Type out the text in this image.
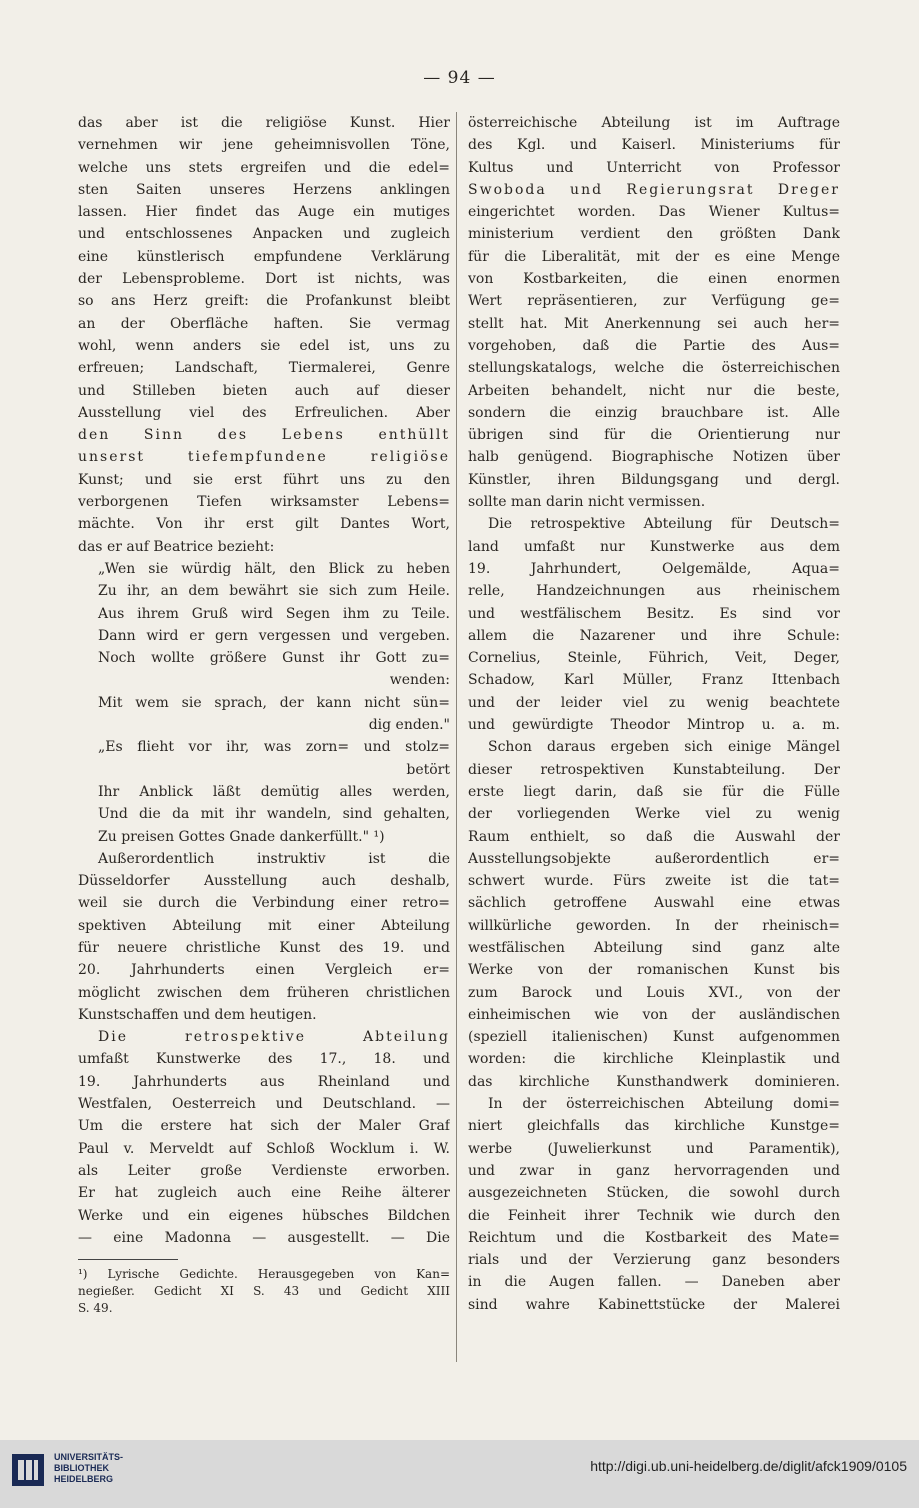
— 94 —
das aber ist die religiöse Kunst. Hier
vernehmen wir jene geheimnisvollen Töne,
welche uns stets ergreifen und die edel=
sten Saiten unseres Herzens anklingen
lassen. Hier findet das Auge ein mutiges
und entschlossenes Anpacken und zugleich
eine künstlerisch empfundene Verklärung
der Lebensprobleme. Dort ist nichts, was
so ans Herz greift: die Profankunst bleibt
an der Oberfläche haften. Sie vermag
wohl, wenn anders sie edel ist, uns zu
erfreuen; Landschaft, Tiermalerei, Genre
und Stilleben bieten auch auf dieser
Ausstellung viel des Erfreulichen. Aber
den Sinn des Lebens enthüllt
unserst tiefempfundene religiöse
Kunst; und sie erst führt uns zu den
verborgenen Tiefen wirksamster Lebens=
mächte. Von ihr erst gilt Dantes Wort,
das er auf Beatrice bezieht:
„Wen sie würdig hält, den Blick zu heben
Zu ihr, an dem bewährt sie sich zum Heile.
Aus ihrem Gruß wird Segen ihm zu Teile.
Dann wird er gern vergessen und vergeben.
Noch wollte größere Gunst ihr Gott zu=
wenden:
Mit wem sie sprach, der kann nicht sün=
dig enden."
„Es flieht vor ihr, was zorn= und stolz=
betört
Ihr Anblick läßt demütig alles werden,
Und die da mit ihr wandeln, sind gehalten,
Zu preisen Gottes Gnade dankerfüllt." ¹)
Außerordentlich instruktiv ist die
Düsseldorfer Ausstellung auch deshalb,
weil sie durch die Verbindung einer retro=
spektiven Abteilung mit einer Abteilung
für neuere christliche Kunst des 19. und
20. Jahrhunderts einen Vergleich er=
möglicht zwischen dem früheren christlichen
Kunstschaffen und dem heutigen.
Die retrospektive Abteilung
umfaßt Kunstwerke des 17., 18. und
19. Jahrhunderts aus Rheinland und
Westfalen, Oesterreich und Deutschland. —
Um die erstere hat sich der Maler Graf
Paul v. Merveldt auf Schloß Wocklum i. W.
als Leiter große Verdienste erworben.
Er hat zugleich auch eine Reihe älterer
Werke und ein eigenes hübsches Bildchen
— eine Madonna — ausgestellt. — Die
¹) Lyrische Gedichte. Herausgegeben von Kan=
negießer. Gedicht XI S. 43 und Gedicht XIII
S. 49.
österreichische Abteilung ist im Auftrage
des Kgl. und Kaiserl. Ministeriums für
Kultus und Unterricht von Professor
Swoboda und Regierungsrat Dreger
eingerichtet worden. Das Wiener Kultus=
ministerium verdient den größten Dank
für die Liberalität, mit der es eine Menge
von Kostbarkeiten, die einen enormen
Wert repräsentieren, zur Verfügung ge=
stellt hat. Mit Anerkennung sei auch her=
vorgehoben, daß die Partie des Aus=
stellungskatalogs, welche die österreichischen
Arbeiten behandelt, nicht nur die beste,
sondern die einzig brauchbare ist. Alle
übrigen sind für die Orientierung nur
halb genügend. Biographische Notizen über
Künstler, ihren Bildungsgang und dergl.
sollte man darin nicht vermissen.
Die retrospektive Abteilung für Deutsch=
land umfaßt nur Kunstwerke aus dem
19. Jahrhundert, Oelgemälde, Aqua=
relle, Handzeichnungen aus rheinischem
und westfälischem Besitz. Es sind vor
allem die Nazarener und ihre Schule:
Cornelius, Steinle, Führich, Veit, Deger,
Schadow, Karl Müller, Franz Ittenbach
und der leider viel zu wenig beachtete
und gewürdigte Theodor Mintrop u. a. m.
Schon daraus ergeben sich einige Mängel
dieser retrospektiven Kunstabteilung. Der
erste liegt darin, daß sie für die Fülle
der vorliegenden Werke viel zu wenig
Raum enthielt, so daß die Auswahl der
Ausstellungsobjekte außerordentlich er=
schwert wurde. Fürs zweite ist die tat=
sächlich getroffene Auswahl eine etwas
willkürliche geworden. In der rheinisch=
westfälischen Abteilung sind ganz alte
Werke von der romanischen Kunst bis
zum Barock und Louis XVI., von der
einheimischen wie von der ausländischen
(speziell italienischen) Kunst aufgenommen
worden: die kirchliche Kleinplastik und
das kirchliche Kunsthandwerk dominieren.
In der österreichischen Abteilung domi=
niert gleichfalls das kirchliche Kunstge=
werbe (Juwelierkunst und Paramentik),
und zwar in ganz hervorragenden und
ausgezeichneten Stücken, die sowohl durch
die Feinheit ihrer Technik wie durch den
Reichtum und die Kostbarkeit des Mate=
rials und der Verzierung ganz besonders
in die Augen fallen. — Daneben aber
sind wahre Kabinettstücke der Malerei
UNIVERSITÄTS-
BIBLIOTHEK
HEIDELBERG
http://digi.ub.uni-heidelberg.de/diglit/afck1909/0105
